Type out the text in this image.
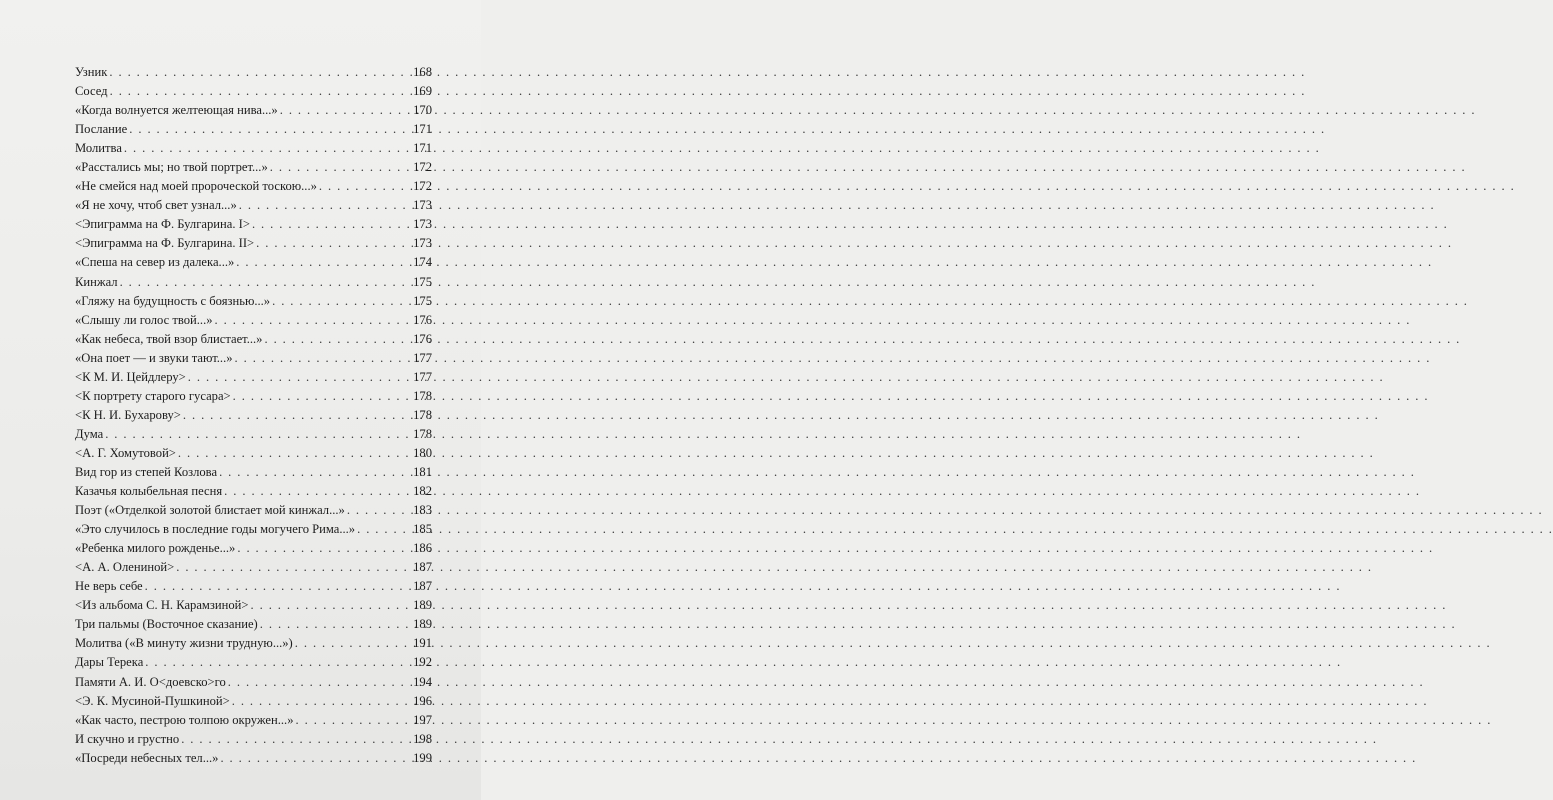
Узник . . .	168
Сосед . . .	169
«Когда волнуется желтеющая нива...» . . .	170
Послание . . .	171
Молитва . . .	171
«Расстались мы; но твой портрет...» . . .	172
«Не смейся над моей пророческой тоскою...» . . .	172
«Я не хочу, чтоб свет узнал...» . . .	173
<Эпиграмма на Ф. Булгарина. I> . . .	173
<Эпиграмма на Ф. Булгарина. II> . . .	173
«Спеша на север из далека...» . . .	174
Кинжал . . .	175
«Гляжу на будущность с боязнью...» . . .	175
«Слышу ли голос твой...» . . .	176
«Как небеса, твой взор блистает...» . . .	176
«Она поет — и звуки тают...» . . .	177
<К М. И. Цейдлеру> . . .	177
<К портрету старого гусара> . . .	178
<К Н. И. Бухарову> . . .	178
Дума . . .	178
<А. Г. Хомутовой> . . .	180
Вид гор из степей Козлова . . .	181
Казачья колыбельная песня . . .	182
Поэт («Отделкой золотой блистает мой кинжал...» . . .	183
«Это случилось в последние годы могучего Рима...» . . .	185
«Ребенка милого рожденье...» . . .	186
<А. А. Олениной> . . .	187
Не верь себе . . .	187
<Из альбома С. Н. Карамзиной> . . .	189
Три пальмы (Восточное сказание) . . .	189
Молитва («В минуту жизни трудную...») . . .	191
Дары Терека . . .	192
Памяти А. И. О<доевско>го . . .	194
<Э. К. Мусиной-Пушкиной> . . .	196
«Как часто, пестрою толпою окружен...» . . .	197
И скучно и грустно . . .	198
«Посреди небесных тел...» . . .	199
